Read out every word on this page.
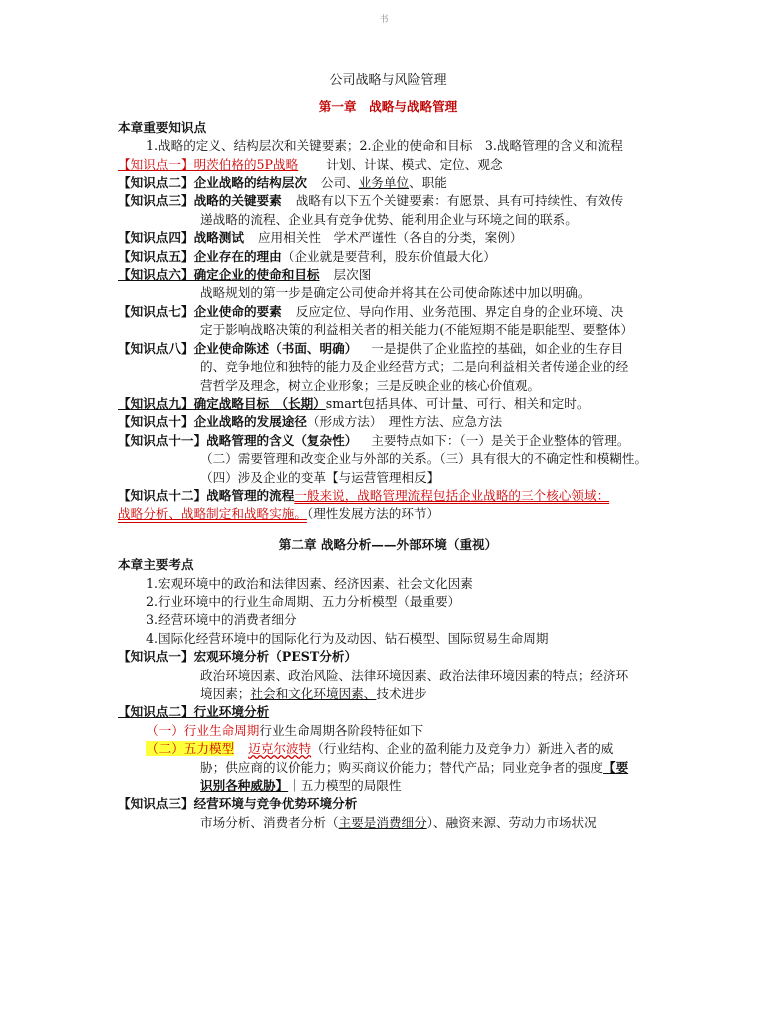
书
公司战略与风险管理
第一章　战略与战略管理
本章重要知识点
1.战略的定义、结构层次和关键要素；2.企业的使命和目标　3.战略管理的含义和流程
【知识点一】明茨伯格的5P战略 计划、计谋、模式、定位、观念
【知识点二】企业战略的结构层次 公司、业务单位、职能
【知识点三】战略的关键要素 战略有以下五个关键要素：有愿景、具有可持续性、有效传
递战略的流程、企业具有竞争优势、能利用企业与环境之间的联系。
【知识点四】战略测试 应用相关性　学术严谨性（各自的分类，案例）
【知识点五】企业存在的理由（企业就是要营利，股东价值最大化）
【知识点六】确定企业的使命和目标 层次图
战略规划的第一步是确定公司使命并将其在公司使命陈述中加以明确。
【知识点七】企业使命的要素 反应定位、导向作用、业务范围、界定自身的企业环境、决
定于影响战略决策的利益相关者的相关能力(不能短期不能是职能型、要整体）
【知识点八】企业使命陈述（书面、明确） 一是提供了企业监控的基础，如企业的生存目
的、竞争地位和独特的能力及企业经营方式；二是向利益相关者传递企业的经
营哲学及理念，树立企业形象；三是反映企业的核心价值观。
【知识点九】确定战略目标　（长期）smart包括具体、可计量、可行、相关和定时。
【知识点十】企业战略的发展途径（形成方法）　理性方法、应急方法
【知识点十一】战略管理的含义（复杂性） 主要特点如下：（一）是关于企业整体的管理。
（二）需要管理和改变企业与外部的关系。（三）具有很大的不确定性和模糊性。
（四）涉及企业的变革【与运营管理相反】
【知识点十二】战略管理的流程一般来说，战略管理流程包括企业战略的三个核心领域：
战略分析、战略制定和战略实施。（理性发展方法的环节）
第二章 战略分析——外部环境（重视）
本章主要考点
1.宏观环境中的政治和法律因素、经济因素、社会文化因素
2.行业环境中的行业生命周期、五力分析模型（最重要）
3.经营环境中的消费者细分
4.国际化经营环境中的国际化行为及动因、钻石模型、国际贸易生命周期
【知识点一】宏观环境分析（PEST分析）
政治环境因素、政治风险、法律环境因素、政治法律环境因素的特点；经济环
境因素；社会和文化环境因素、技术进步
【知识点二】行业环境分析
（一）行业生命周期行业生命周期各阶段特征如下
（二）五力模型 迈克尔波特（行业结构、企业的盈利能力及竞争力）新进入者的威
胁；供应商的议价能力；购买商议价能力；替代产品；同业竞争者的强度【要
识别各种威胁】｜五力模型的局限性
【知识点三】经营环境与竞争优势环境分析
市场分析、消费者分析（主要是消费细分）、融资来源、劳动力市场状况
